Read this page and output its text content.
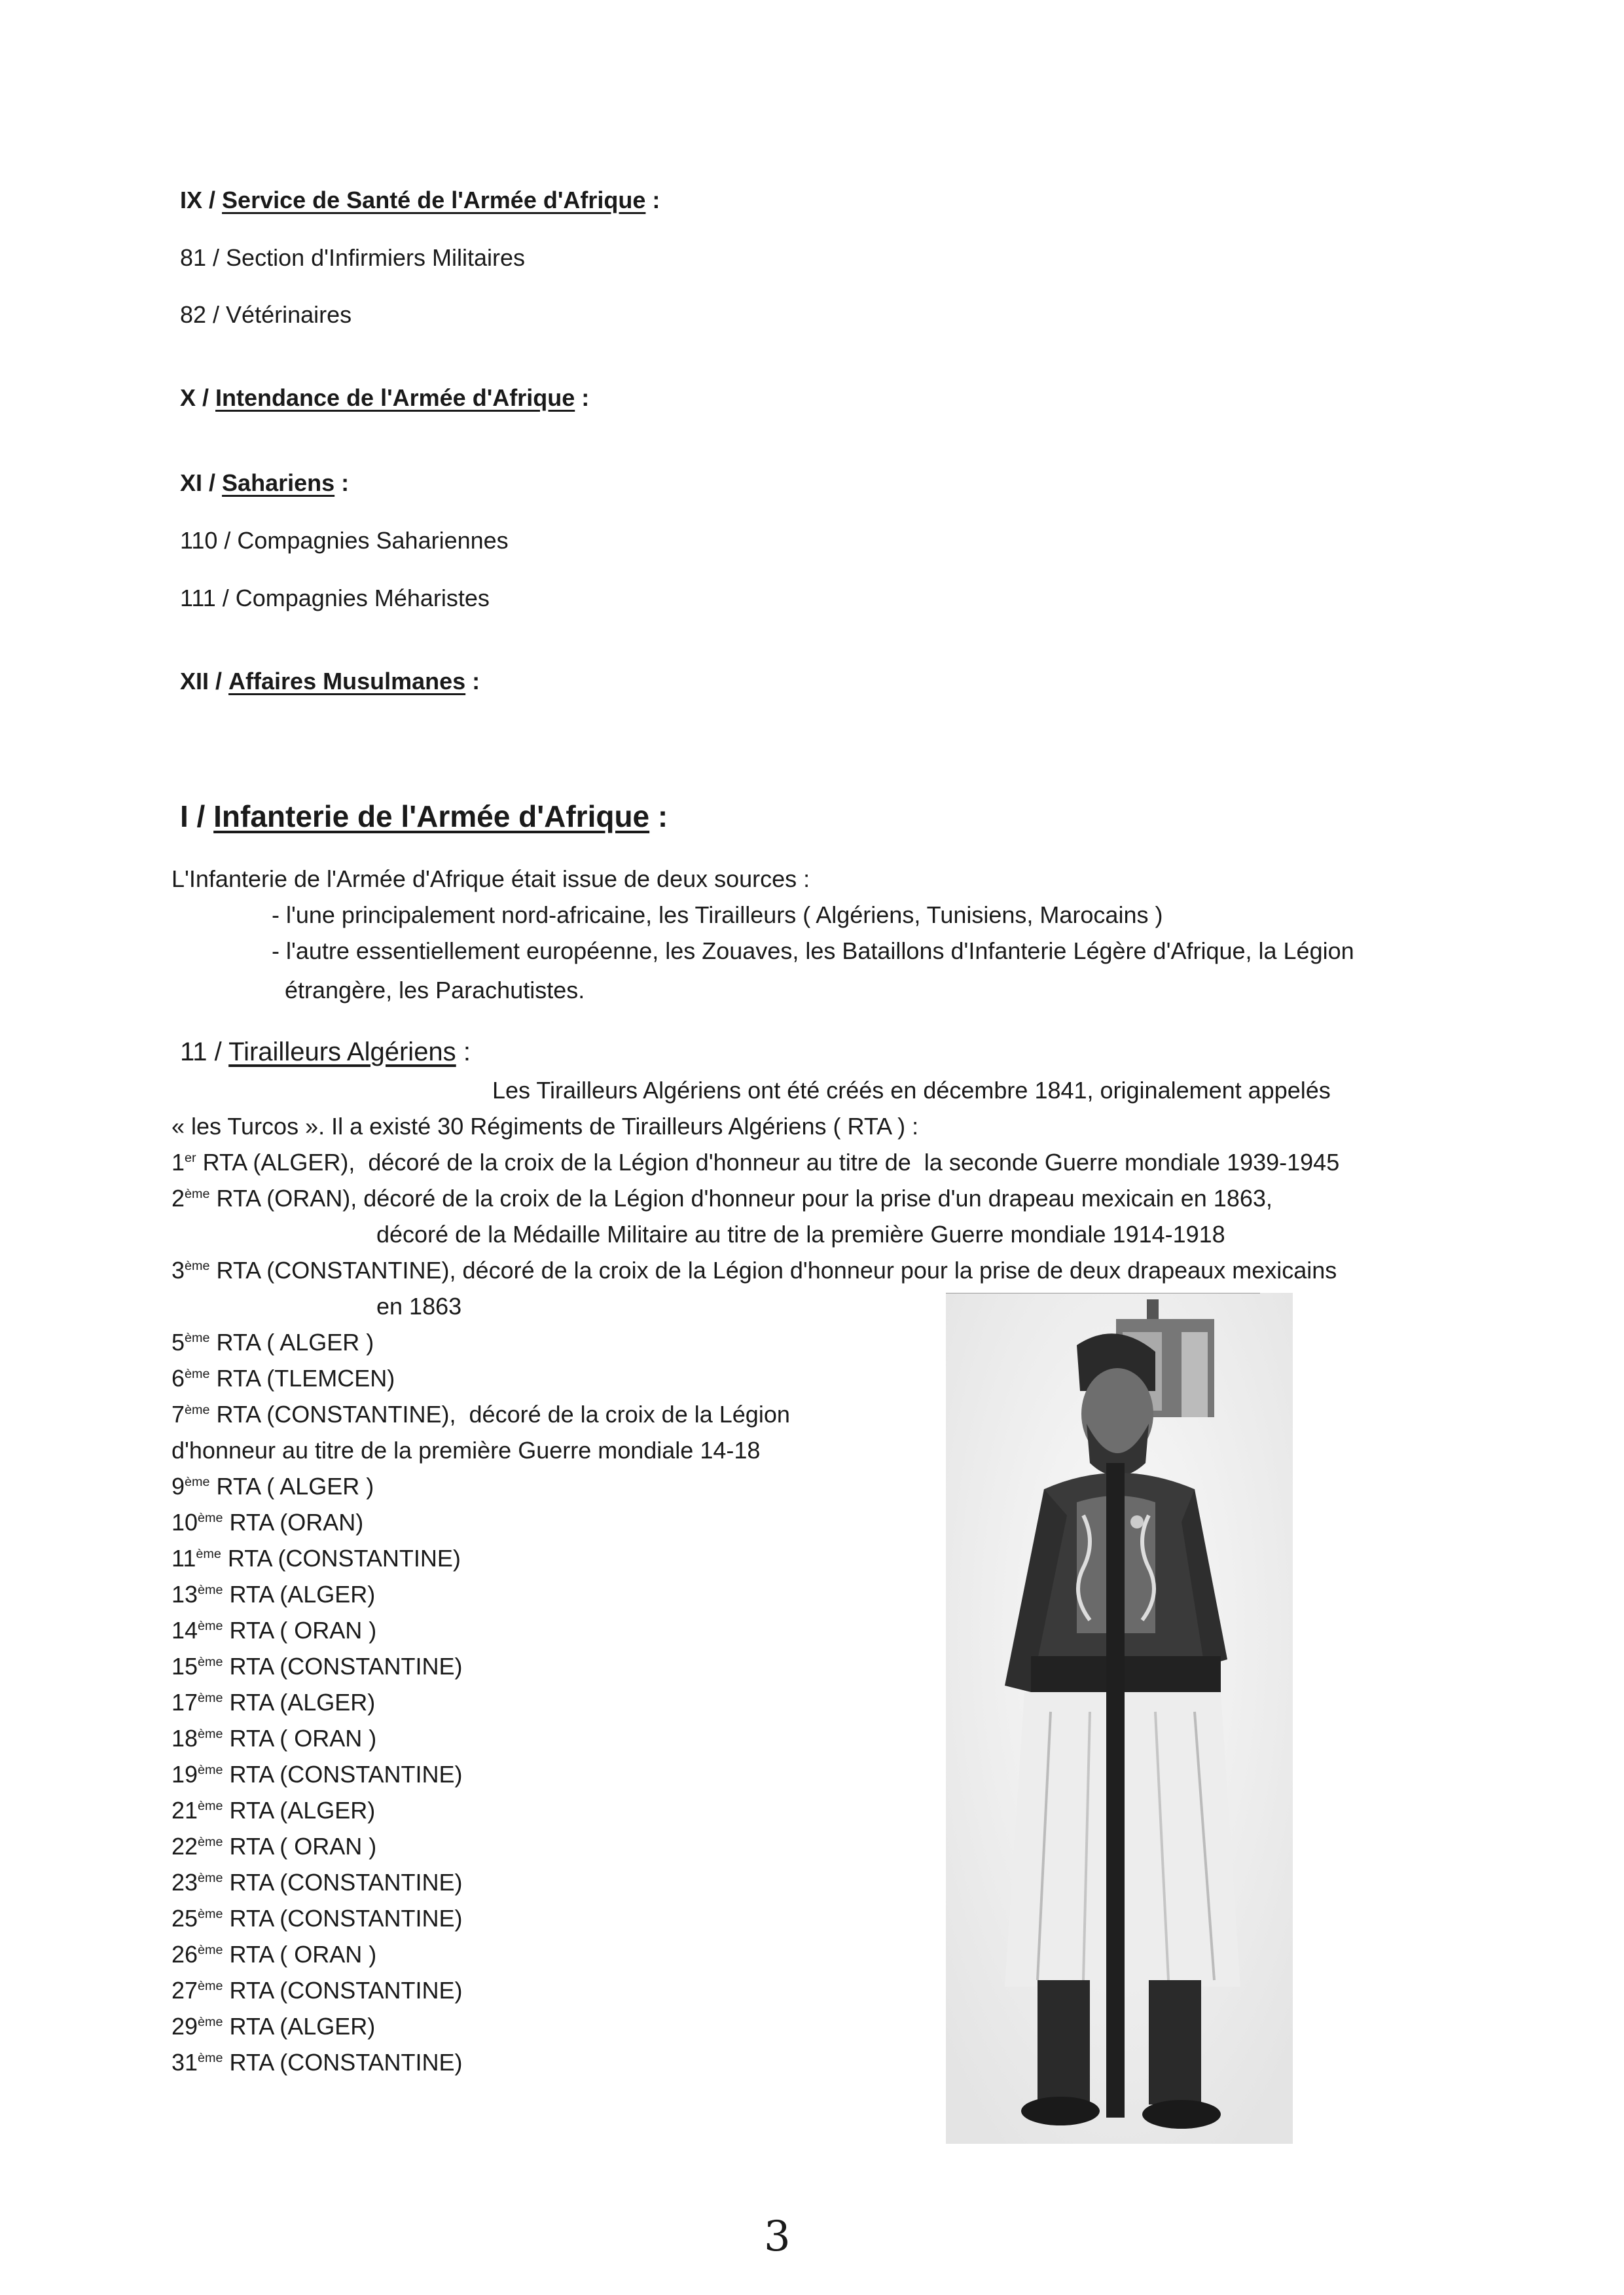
IX / Service de Santé de l'Armée d'Afrique :
81 / Section d'Infirmiers Militaires
82 / Vétérinaires
X / Intendance de l'Armée d'Afrique :
XI / Sahariens :
110 / Compagnies Sahariennes
111 / Compagnies Méharistes
XII / Affaires Musulmanes :
I / Infanterie de l'Armée d'Afrique :
L'Infanterie de l'Armée d'Afrique était issue de deux sources :
- l'une principalement nord-africaine, les Tirailleurs ( Algériens, Tunisiens, Marocains )
- l'autre essentiellement européenne, les Zouaves, les Bataillons d'Infanterie Légère d'Afrique, la Légion
étrangère, les Parachutistes.
11 / Tirailleurs Algériens :
Les Tirailleurs Algériens ont été créés en décembre 1841, originalement appelés
« les Turcos ». Il a existé 30 Régiments de Tirailleurs Algériens ( RTA ) :
1er RTA (ALGER),  décoré de la croix de la Légion d'honneur au titre de  la seconde Guerre mondiale 1939-1945
2ème RTA (ORAN), décoré de la croix de la Légion d'honneur pour la prise d'un drapeau mexicain en 1863,
décoré de la Médaille Militaire au titre de la première Guerre mondiale 1914-1918
3ème RTA (CONSTANTINE), décoré de la croix de la Légion d'honneur pour la prise de deux drapeaux mexicains
en 1863
5ème RTA ( ALGER )
6ème RTA (TLEMCEN)
7ème RTA (CONSTANTINE),  décoré de la croix de la Légion
d'honneur au titre de la première Guerre mondiale 14-18
9ème RTA ( ALGER )
10ème RTA (ORAN)
11ème RTA (CONSTANTINE)
13ème RTA (ALGER)
14ème RTA ( ORAN )
15ème RTA (CONSTANTINE)
17ème RTA (ALGER)
18ème RTA ( ORAN )
19ème RTA (CONSTANTINE)
21ème RTA (ALGER)
22ème RTA ( ORAN )
23ème RTA (CONSTANTINE)
25ème RTA (CONSTANTINE)
26ème RTA ( ORAN )
27ème RTA (CONSTANTINE)
29ème RTA (ALGER)
31ème RTA (CONSTANTINE)
3
